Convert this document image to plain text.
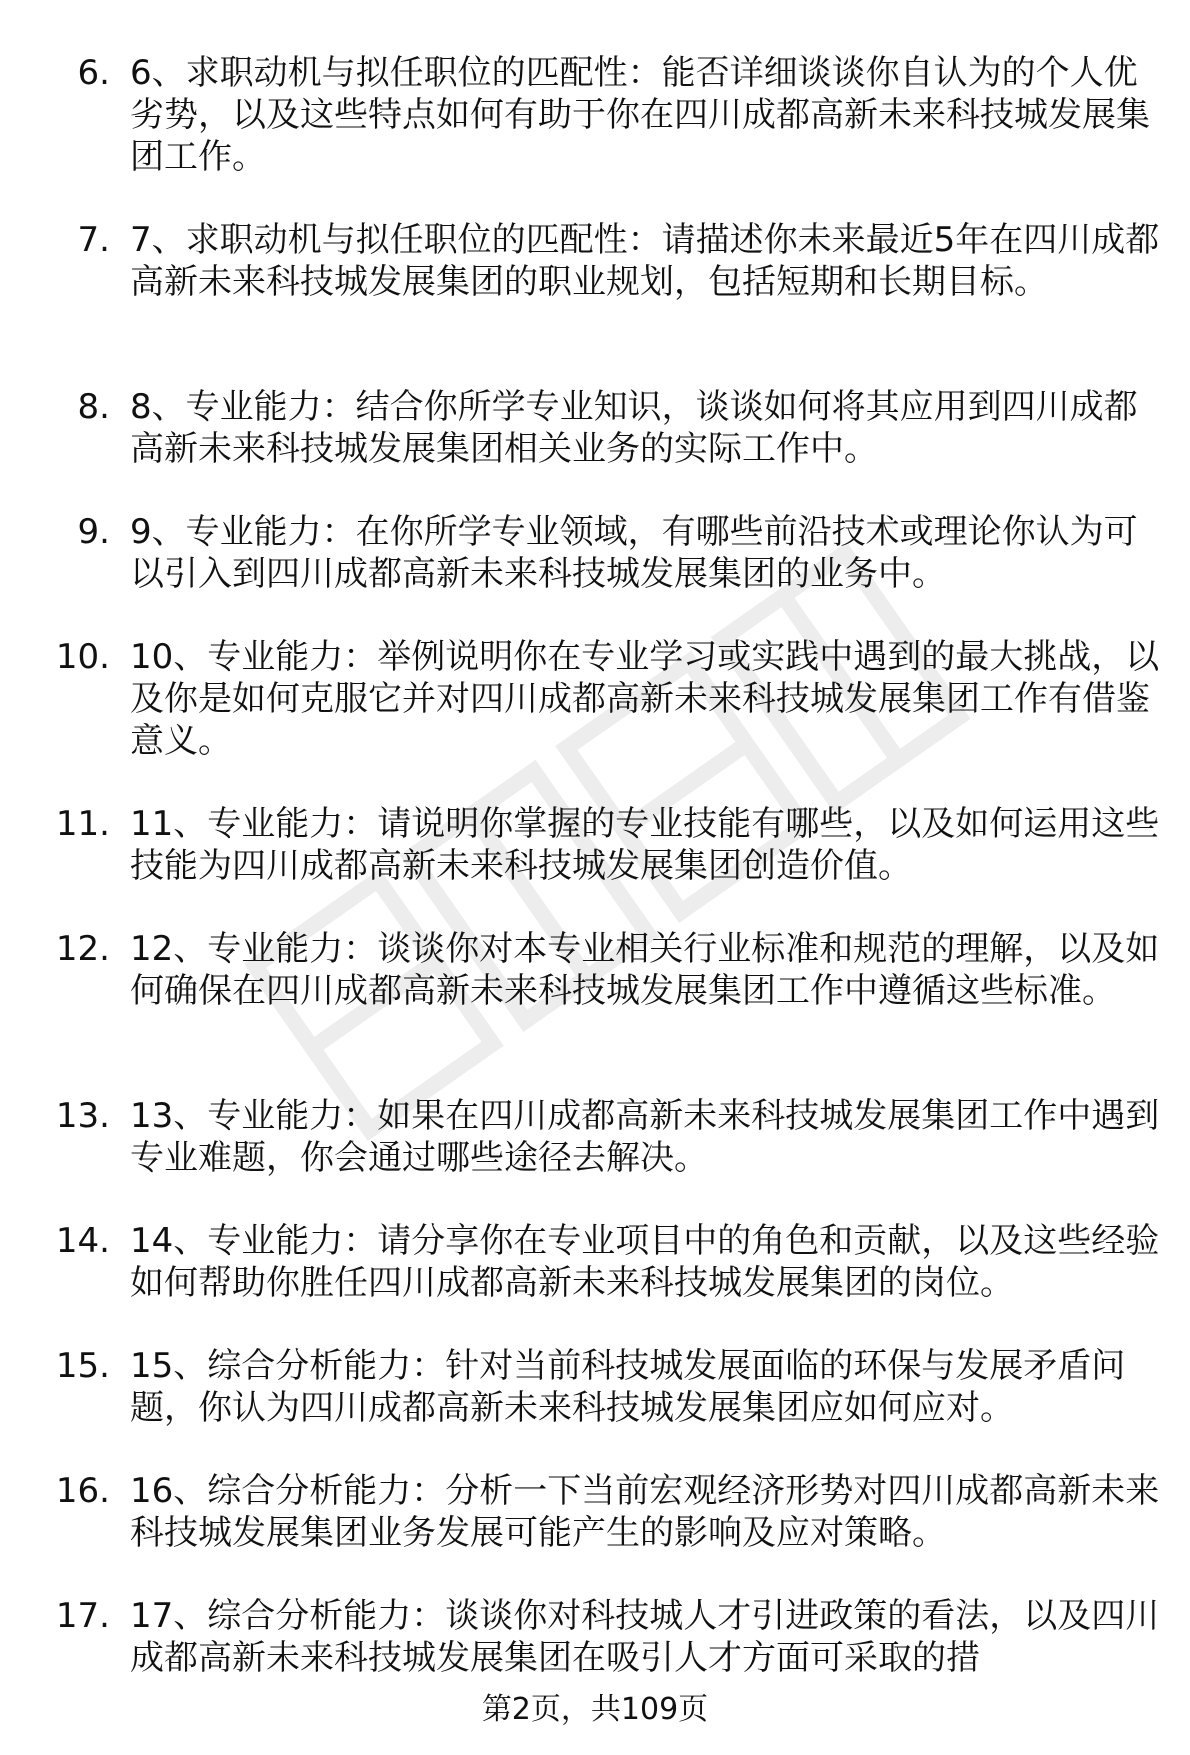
6. 6、求职动机与拟任职位的匹配性：能否详细谈谈你自认为的个人优劣势，以及这些特点如何有助于你在四川成都高新未来科技城发展集团工作。
7. 7、求职动机与拟任职位的匹配性：请描述你未来最近5年在四川成都高新未来科技城发展集团的职业规划，包括短期和长期目标。
8. 8、专业能力：结合你所学专业知识，谈谈如何将其应用到四川成都高新未来科技城发展集团相关业务的实际工作中。
9. 9、专业能力：在你所学专业领域，有哪些前沿技术或理论你认为可以引入到四川成都高新未来科技城发展集团的业务中。
10. 10、专业能力：举例说明你在专业学习或实践中遇到的最大挑战，以及你是如何克服它并对四川成都高新未来科技城发展集团工作有借鉴意义。
11. 11、专业能力：请说明你掌握的专业技能有哪些，以及如何运用这些技能为四川成都高新未来科技城发展集团创造价值。
12. 12、专业能力：谈谈你对本专业相关行业标准和规范的理解，以及如何确保在四川成都高新未来科技城发展集团工作中遵循这些标准。
13. 13、专业能力：如果在四川成都高新未来科技城发展集团工作中遇到专业难题，你会通过哪些途径去解决。
14. 14、专业能力：请分享你在专业项目中的角色和贡献，以及这些经验如何帮助你胜任四川成都高新未来科技城发展集团的岗位。
15. 15、综合分析能力：针对当前科技城发展面临的环保与发展矛盾问题，你认为四川成都高新未来科技城发展集团应如何应对。
16. 16、综合分析能力：分析一下当前宏观经济形势对四川成都高新未来科技城发展集团业务发展可能产生的影响及应对策略。
17. 17、综合分析能力：谈谈你对科技城人才引进政策的看法，以及四川成都高新未来科技城发展集团在吸引人才方面可采取的措
第2页，共109页
